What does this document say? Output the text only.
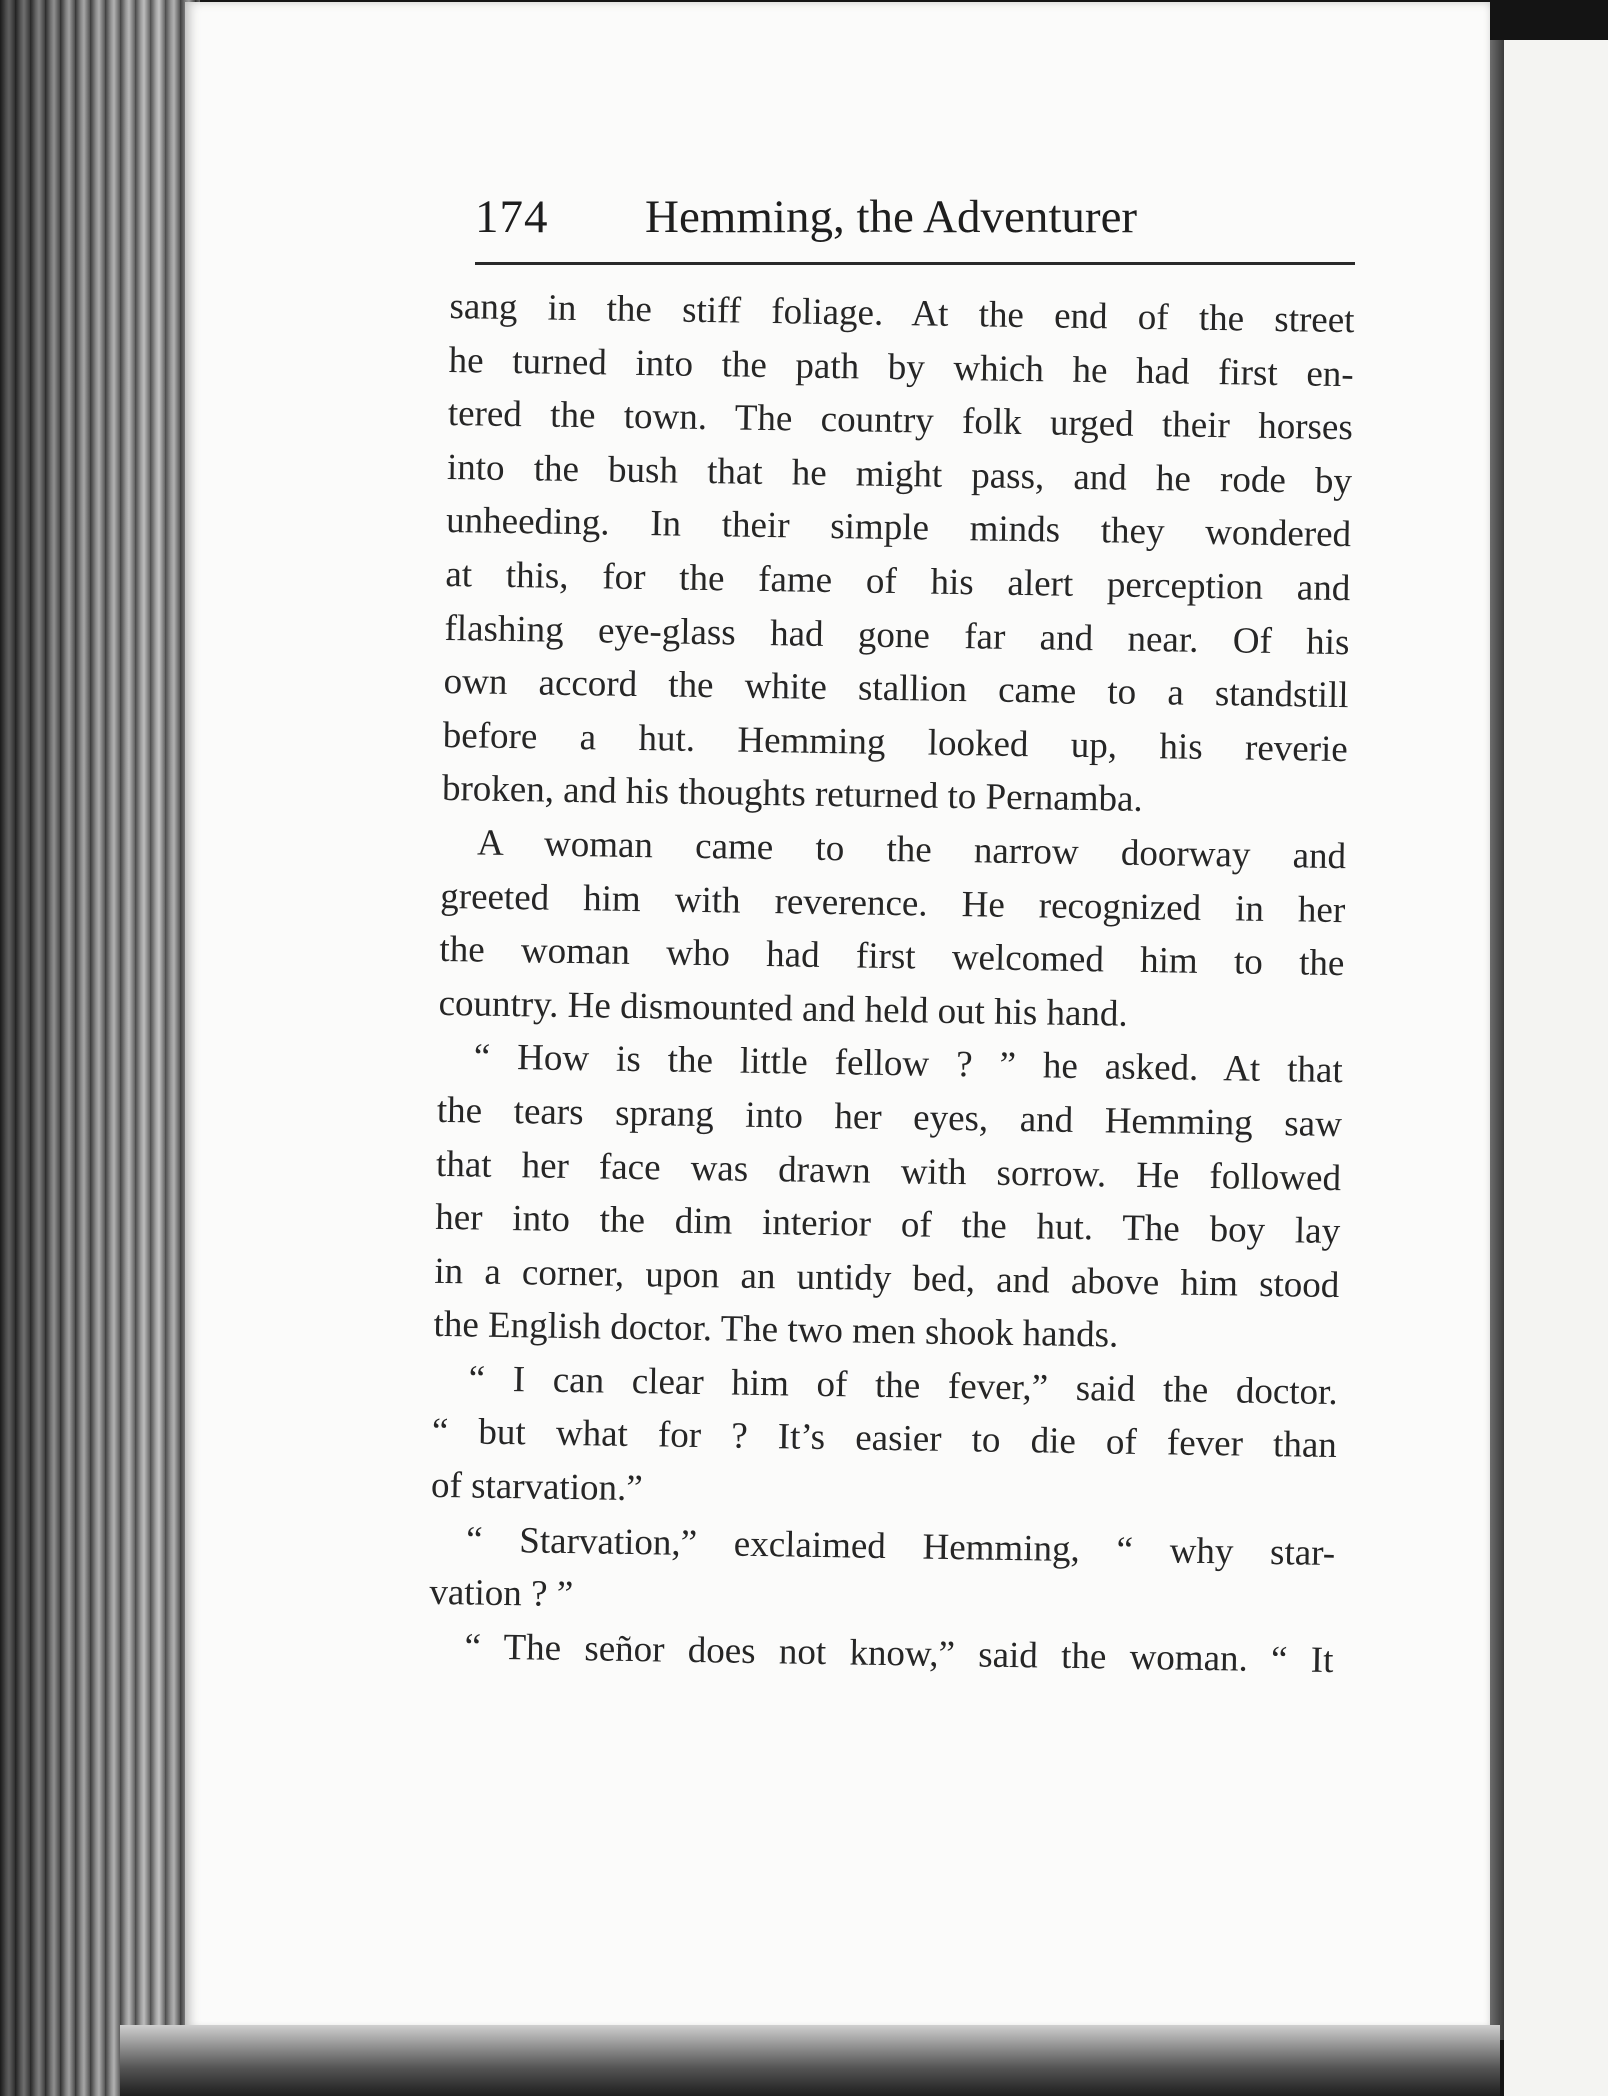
174 Hemming, the Adventurer
sang in the stiff foliage. At the end of the street
he turned into the path by which he had first en-
tered the town. The country folk urged their horses
into the bush that he might pass, and he rode by
unheeding. In their simple minds they wondered
at this, for the fame of his alert perception and
flashing eye-glass had gone far and near. Of his
own accord the white stallion came to a standstill
before a hut. Hemming looked up, his reverie
broken, and his thoughts returned to Pernamba.
A woman came to the narrow doorway and
greeted him with reverence. He recognized in her
the woman who had first welcomed him to the
country. He dismounted and held out his hand.
“ How is the little fellow ? ” he asked. At that
the tears sprang into her eyes, and Hemming saw
that her face was drawn with sorrow. He followed
her into the dim interior of the hut. The boy lay
in a corner, upon an untidy bed, and above him stood
the English doctor. The two men shook hands.
“ I can clear him of the fever,” said the doctor.
“ but what for ? It’s easier to die of fever than
of starvation.”
“ Starvation,” exclaimed Hemming, “ why star-
vation ? ”
“ The señor does not know,” said the woman. “ It
